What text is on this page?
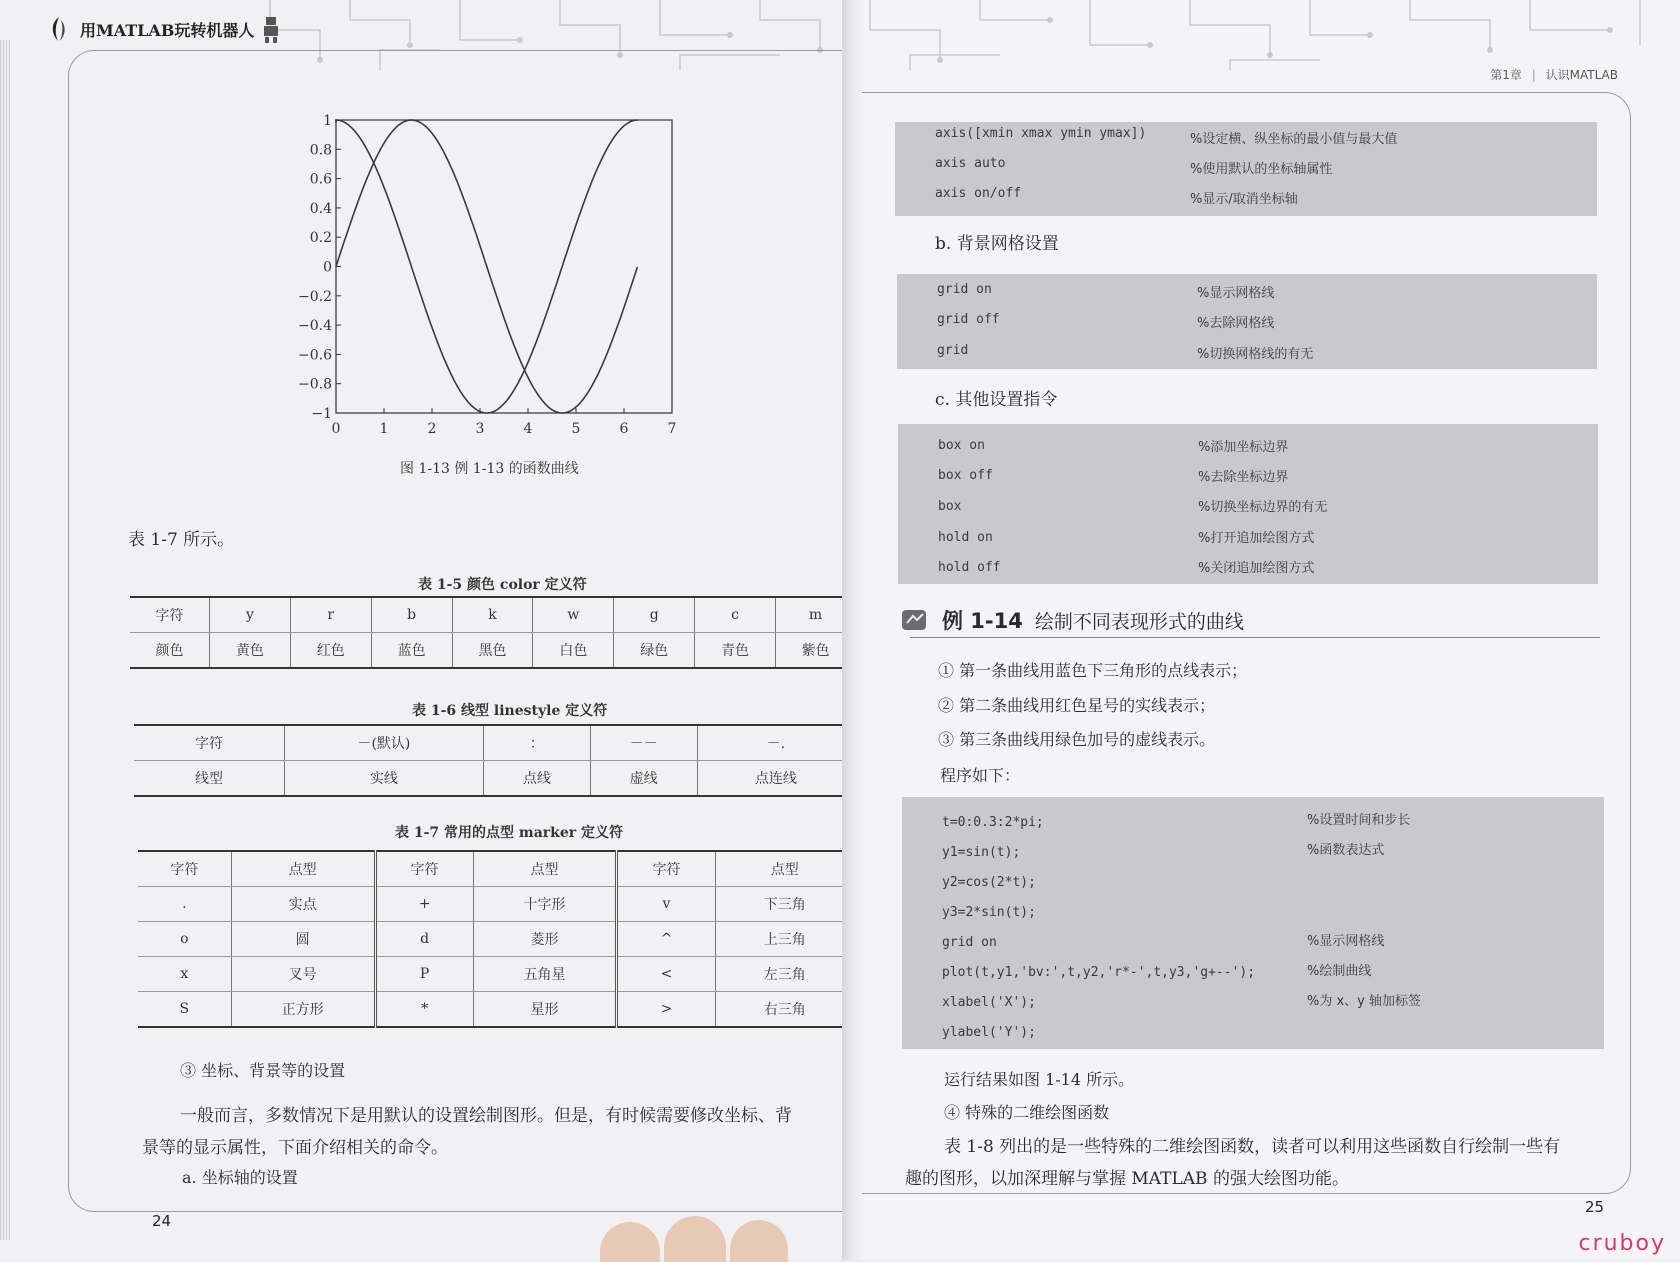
用MATLAB玩转机器人
1
0.8
0.6
0.4
0.2
0
−0.2
−0.4
−0.6
−0.8
−1
0	1	2	3	4	5	6	7
图 1-13 例 1-13 的函数曲线
表 1-7 所示。
表 1-5 颜色 color 定义符
字符	y	r	b	k	w	g	c	m
颜色	黄色	红色	蓝色	黑色	白色	绿色	青色	紫色
表 1-6 线型 linestyle 定义符
字符	－(默认)	：	－－	－.
线型	实线	点线	虚线	点连线
表 1-7 常用的点型 marker 定义符
字符	点型	字符	点型	字符	点型
.	实点	+	十字形	v	下三角
o	圆	d	菱形	^	上三角
x	叉号	P	五角星	<	左三角
S	正方形	*	星形	>	右三角
③ 坐标、背景等的设置
一般而言，多数情况下是用默认的设置绘制图形。但是，有时候需要修改坐标、背
景等的显示属性，下面介绍相关的命令。
a. 坐标轴的设置
24
第1章 | 认识MATLAB
axis([xmin xmax ymin ymax])	%设定横、纵坐标的最小值与最大值
axis auto	%使用默认的坐标轴属性
axis on/off	%显示/取消坐标轴
b. 背景网格设置
grid on	%显示网格线
grid off	%去除网格线
grid	%切换网格线的有无
c. 其他设置指令
box on	%添加坐标边界
box off	%去除坐标边界
box	%切换坐标边界的有无
hold on	%打开追加绘图方式
hold off	%关闭追加绘图方式
例 1-14 绘制不同表现形式的曲线
① 第一条曲线用蓝色下三角形的点线表示；
② 第二条曲线用红色星号的实线表示；
③ 第三条曲线用绿色加号的虚线表示。
程序如下：
t=0:0.3:2*pi;	%设置时间和步长
y1=sin(t);	%函数表达式
y2=cos(2*t);
y3=2*sin(t);
grid on	%显示网格线
plot(t,y1,'bv:',t,y2,'r*-',t,y3,'g+--');	%绘制曲线
xlabel('X');	%为 x、y 轴加标签
ylabel('Y');
运行结果如图 1-14 所示。
④ 特殊的二维绘图函数
表 1-8 列出的是一些特殊的二维绘图函数，读者可以利用这些函数自行绘制一些有
趣的图形，以加深理解与掌握 MATLAB 的强大绘图功能。
25
cruboy
